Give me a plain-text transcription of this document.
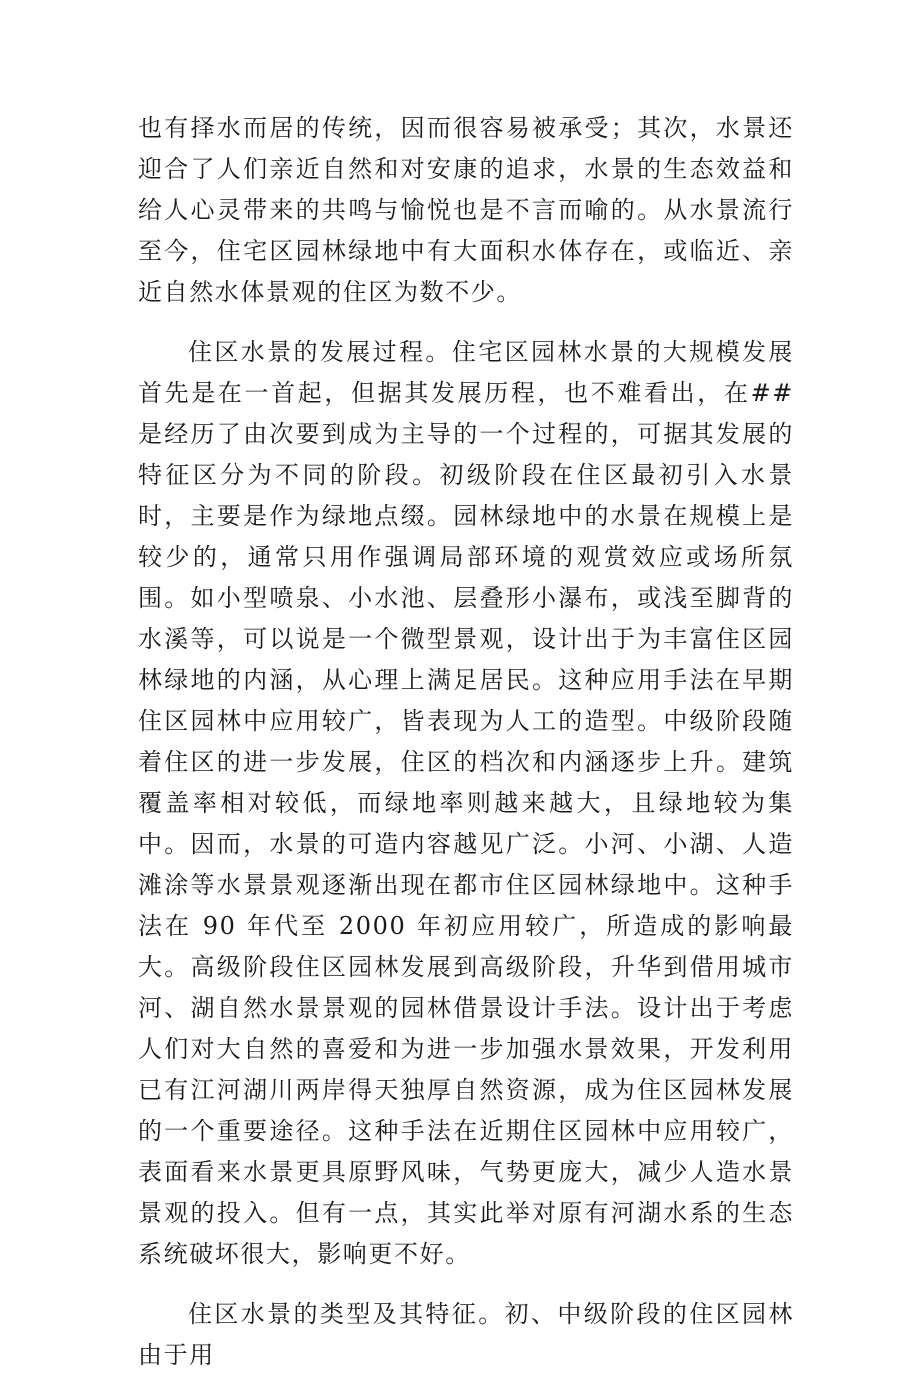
也有择水而居的传统，因而很容易被承受；其次，水景还迎合了人们亲近自然和对安康的追求，水景的生态效益和给人心灵带来的共鸣与愉悦也是不言而喻的。从水景流行至今，住宅区园林绿地中有大面积水体存在，或临近、亲近自然水体景观的住区为数不少。

住区水景的发展过程。住宅区园林水景的大规模发展首先是在一首起，但据其发展历程，也不难看出，在##是经历了由次要到成为主导的一个过程的，可据其发展的特征区分为不同的阶段。初级阶段在住区最初引入水景时，主要是作为绿地点缀。园林绿地中的水景在规模上是较少的，通常只用作强调局部环境的观赏效应或场所氛围。如小型喷泉、小水池、层叠形小瀑布，或浅至脚背的水溪等，可以说是一个微型景观，设计出于为丰富住区园林绿地的内涵，从心理上满足居民。这种应用手法在早期住区园林中应用较广，皆表现为人工的造型。中级阶段随着住区的进一步发展，住区的档次和内涵逐步上升。建筑覆盖率相对较低，而绿地率则越来越大，且绿地较为集中。因而，水景的可造内容越见广泛。小河、小湖、人造滩涂等水景景观逐渐出现在都市住区园林绿地中。这种手法在 90 年代至 2000 年初应用较广，所造成的影响最大。高级阶段住区园林发展到高级阶段，升华到借用城市河、湖自然水景景观的园林借景设计手法。设计出于考虑人们对大自然的喜爱和为进一步加强水景效果，开发利用已有江河湖川两岸得天独厚自然资源，成为住区园林发展的一个重要途径。这种手法在近期住区园林中应用较广，表面看来水景更具原野风味，气势更庞大，减少人造水景景观的投入。但有一点，其实此举对原有河湖水系的生态系统破坏很大，影响更不好。

住区水景的类型及其特征。初、中级阶段的住区园林由于用
